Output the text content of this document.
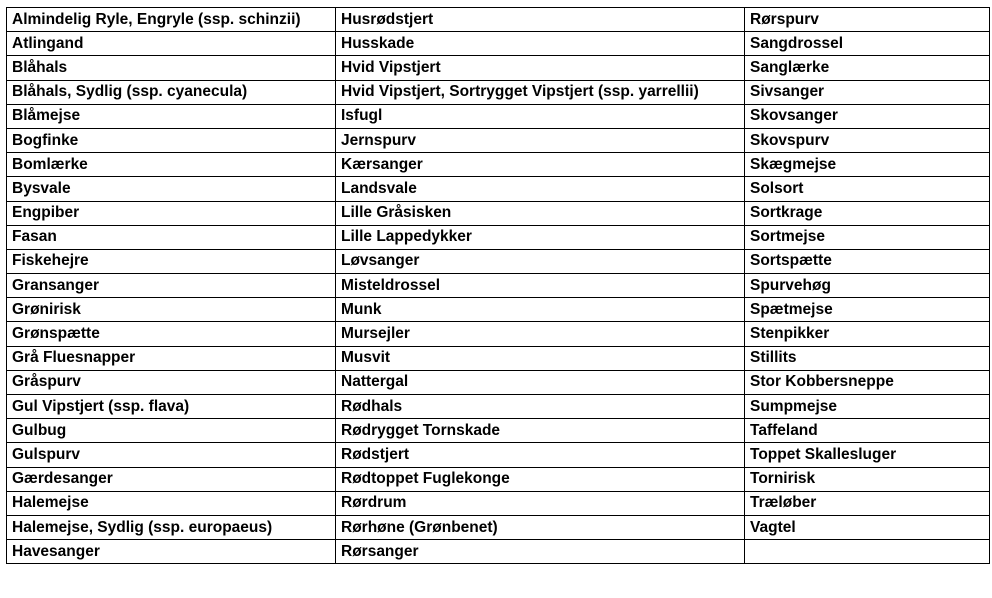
Almindelig Ryle, Engryle (ssp. schinzii)	Husrødstjert	Rørspurv
Atlingand	Husskade	Sangdrossel
Blåhals	Hvid Vipstjert	Sanglærke
Blåhals, Sydlig (ssp. cyanecula)	Hvid Vipstjert, Sortrygget Vipstjert (ssp. yarrellii)	Sivsanger
Blåmejse	Isfugl	Skovsanger
Bogfinke	Jernspurv	Skovspurv
Bomlærke	Kærsanger	Skægmejse
Bysvale	Landsvale	Solsort
Engpiber	Lille Gråsisken	Sortkrage
Fasan	Lille Lappedykker	Sortmejse
Fiskehejre	Løvsanger	Sortspætte
Gransanger	Misteldrossel	Spurvehøg
Grønirisk	Munk	Spætmejse
Grønspætte	Mursejler	Stenpikker
Grå Fluesnapper	Musvit	Stillits
Gråspurv	Nattergal	Stor Kobbersneppe
Gul Vipstjert (ssp. flava)	Rødhals	Sumpmejse
Gulbug	Rødrygget Tornskade	Taffeland
Gulspurv	Rødstjert	Toppet Skallesluger
Gærdesanger	Rødtoppet Fuglekonge	Tornirisk
Halemejse	Rørdrum	Træløber
Halemejse, Sydlig (ssp. europaeus)	Rørhøne (Grønbenet)	Vagtel
Havesanger	Rørsanger	
